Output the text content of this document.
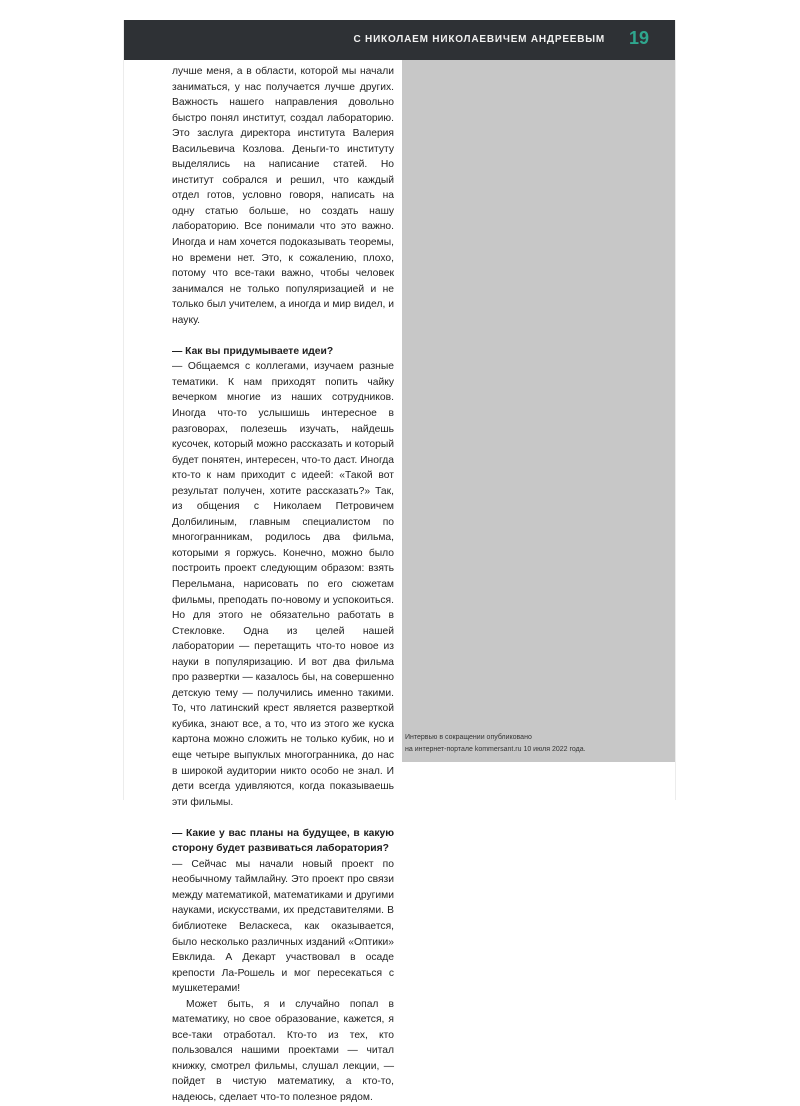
С НИКОЛАЕМ НИКОЛАЕВИЧЕМ АНДРЕЕВЫМ 19

лучше меня, а в области, которой мы начали заниматься, у нас получается лучше других. Важность нашего направления довольно быстро понял институт, создал лабораторию. Это заслуга директора института Валерия Васильевича Козлова. Деньги-то институту выделялись на написание статей. Но институт собрался и решил, что каждый отдел готов, условно говоря, написать на одну статью больше, но создать нашу лабораторию. Все понимали что это важно. Иногда и нам хочется подоказывать теоремы, но времени нет. Это, к сожалению, плохо, потому что все-таки важно, чтобы человек занимался не только популяризацией и не только был учителем, а иногда и мир видел, и науку.

— Как вы придумываете идеи?

— Общаемся с коллегами, изучаем разные тематики. К нам приходят попить чайку вечерком многие из наших сотрудников. Иногда что-то услышишь интересное в разговорах, полезешь изучать, найдешь кусочек, который можно рассказать и который будет понятен, интересен, что-то даст. Иногда кто-то к нам приходит с идеей: «Такой вот результат получен, хотите рассказать?» Так, из общения с Николаем Петровичем Долбилиным, главным специалистом по многогранникам, родилось два фильма, которыми я горжусь. Конечно, можно было построить проект следующим образом: взять Перельмана, нарисовать по его сюжетам фильмы, преподать по-новому и успокоиться. Но для этого не обязательно работать в Стекловке. Одна из целей нашей лаборатории — перетащить что-то новое из науки в популяризацию. И вот два фильма про развертки — казалось бы, на совершенно детскую тему — получились именно такими. То, что латинский крест является разверткой кубика, знают все, а то, что из этого же куска картона можно сложить не только кубик, но и еще четыре выпуклых многогранника, до нас в широкой аудитории никто особо не знал. И дети всегда удивляются, когда показываешь эти фильмы.

— Какие у вас планы на будущее, в какую сторону будет развиваться лаборатория?

— Сейчас мы начали новый проект по необычному таймлайну. Это проект про связи между математикой, математиками и другими науками, искусствами, их представителями. В библиотеке Веласкеса, как оказывается, было несколько различных изданий «Оптики» Евклида. А Декарт участвовал в осаде крепости Ла-Рошель и мог пересекаться с мушкетерами!

Может быть, я и случайно попал в математику, но свое образование, кажется, я все-таки отработал. Кто-то из тех, кто пользовался нашими проектами — читал книжку, смотрел фильмы, слушал лекции, — пойдет в чистую математику, а кто-то, надеюсь, сделает что-то полезное рядом.

Интервью в сокращении опубликовано
на интернет-портале kommersant.ru 10 июля 2022 года.
